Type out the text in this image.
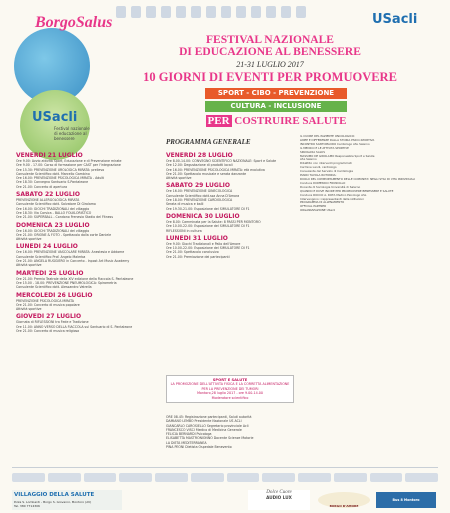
BorgoSalus
USacli
Festival nazionale di educazione al benessere
USacli
FESTIVAL NAZIONALE
DI EDUCAZIONE AL BENESSERE
21-31 LUGLIO 2017
10 GIORNI DI EVENTI PER PROMUOVERE
SPORT - CIBO - PREVENZIONE
CULTURA - INCLUSIONE
PER COSTRUIRE SALUTE
PROGRAMMA GENERALE
VENERDI 21 LUGLIO
Ore 9.00: Avvio attività Sport, Educazione e di Prevenzione mirate
Ore 9.00 - 17.00: Corso di formazione per CAST per l'integrazione
Ore 15.30: PREVENZIONE UROLOGICA MIRATA: prelievo
Consulente Scientifico dott. Marcello Gambino
Ore 16.00: PREVENZIONE PSICOLOGICA MIRATA - Adulti
Ore 18.30: Convegno Santuario S.Pantaleone
Ore 21.00: Concerto di apertura
SABATO 22 LUGLIO
PREVENZIONE ALLERGOLOGICA MIRATA
Consulente Scientifico dott. Salvatore Di Girolamo
Ore 16.00: GIOCHI TRADIZIONALI del villaggio
Ore 18.30: Via Corsica - BALLO FOLKLORISTICO
Ore 21.00: SUPERBALL - Condono Frenesia Stadio del Fitness
DOMENICA 23 LUGLIO
Ore 16.00: GIOCHI TRADIZIONALI del villaggio
Ore 21.00: ORIONE & FOTO - Spettacolo dalla corte Daniele
Attività sportive
LUNEDI 24 LUGLIO
Ore 16.00: PREVENZIONE VASCOLARE MIRATA: Anestesia e Addome
Consulente Scientifico Prof. Angelo Malerba
Ore 21.00: ANGELA RUGGIERO in Concerto - Inpost Art Music Academy
Attività sportive
MARTEDI 25 LUGLIO
Ore 21.00: Premio Teatrale della XIV edizione della Fiaccola S. Pantaleone
Ore 15.00 - 18.00: PREVENZIONE PNEUMOLOGICA: Spirometria
Consulente Scientifico dott. Alessandro Vatrella
MERCOLEDI 26 LUGLIO
PREVENZIONE PSICOLOGICA MIRATA
Ore 21.00: Concerto di musica popolare
Attività sportive
GIOVEDI 27 LUGLIO
Giornata di RIFLESSIONI tra Fede e Tradizione
Ore 11.00: ANNO VERSO DELLA FIACCOLA sul Santuario di S. Pantaleone
Ore 21.00: Concerto di musica religiosa
VENERDI 28 LUGLIO
Ore 8.00-14.00: CONVEGNO SCIENTIFICO NAZIONALE: Sport e Salute
Ore 12.00: Degustazione di prodotti locali
Ore 16.00: PREVENZIONE PSICOLOGICA MIRATA: età evolutiva
Ore 21.00: Spettacolo musicale e serata danzante
Attività sportive
SABATO 29 LUGLIO
Ore 16.00: PREVENZIONE GINECOLOGICA
Consulente Scientifico dott.ssa Anna D'Amora
Ore 18.00: PREVENZIONE CARDIOLOGICA
Serata di musica e balli
Ore 19.30-21.00: Esposizione del SIMULATORE DI F1
DOMENICA 30 LUGLIO
Ore 8.00: Camminata per la Salute: 8 PASSI PER MONTORO
Ore 10.00-22.00: Esposizione del SIMULATORE DI F1
RIFLESSIONI in cultura
LUNEDI 31 LUGLIO
Ore 9.00: Giochi Tradizionali e Palio dell'Amore
Ore 10.00-22.00: Esposizione del SIMULATORE DI F1
Ore 21.00: Spettacolo conclusivo
Ore 21.00: Premiazione dei partecipanti
IL CUORE DEL PAZIENTE ONCOLOGICO:
LINEE E DIFFERENZE DALLA STORIA PSICO-SPORTIVA
INCONTRO SANTOMAURO Cardiologo ASL Salerno
IL MEDICO E LE ATTIVITA SPORTIVE
SPAVALDIA SALUS
MASSIMO DE GIROLAMO Responsabile Sport e Salute
ASL Salerno
Dibattito con interventi programmati
Carmine Landi, cardiologo
Consulente del Servizio di Cardiologia
PIANO TAVOLA ROTONDA:
RUOLO DEL COMPORTAMENTO DELLE COMUNITA' NEGLI STILI DI VITA INDIVIDUALI
Conduce DOMENICO FRUNCILLO
Docente di Sociologia Università di Salerno
QUANDO E DOVE INCIDE PER PROMUOVERE BENESSERE E SALUTE
Conduce ROCCO A. ROTA Medico Psicologo ASL
Intervengono i rappresentanti delle istituzioni
PROGRAMMA DI ALLENAMENTO
OFFICIAL PARTNER
ORGANIZZAZIONE USacli
SPORT E SALUTE
LA PROMOZIONE DELL'ATTIVITA FISICA E LA CORRETTA ALIMENTAZIONE PER LA PREVENZIONE DEI TUMORI
Montoro,28 luglio 2017 - ore 9.00-14.00
Moderatore scientifico
ORE 08.45: Registrazione partecipanti, Saluti autorità
DAMIANO LEMBO Presidente Nazionale US ACLI
GIANCARLO CAROSIELLO Segretario provinciale Acli
FRANCESCO VISCI Medico di Medicina Generale
FELICIA BERNARDI Psicologa
ELISABETTA MASTRONIONNO Docente Scienze Motorie
LA DIETA MEDITERRANEA
PINA PEONI Dietista Ospedale Benevento
VILLAGGIO DELLA SALUTE
P.zza S. Lombardi - Borgo S. Giovanni, Montoro (AV)
Tel. 380 7714306
Dolce Cuore
AUDIO LUX
BORGO D'AMORE
Bus 8 Montoro
